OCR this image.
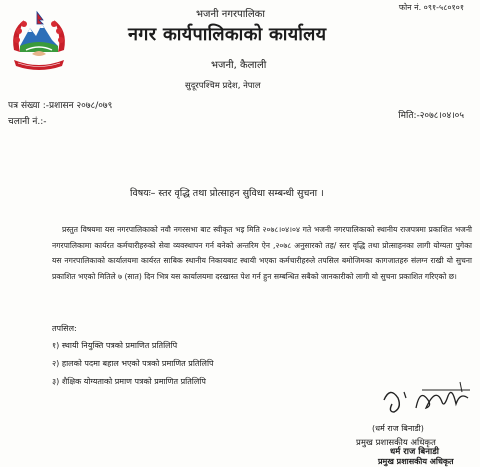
फोन नं. ०९१-५८०१०१
भजनी नगरपालिका
नगर कार्यपालिकाको कार्यालय
भजनी, कैलाली
सुदूरपश्चिम प्रदेश, नेपाल
पत्र संख्या :-प्रशासन २०७८/०७९
चलानी नं.:-
मिति:-२०७८।०४।०५
विषयः– स्तर वृद्धि तथा प्रोत्साहन सुविधा सम्बन्धी सुचना ।
प्रस्तुत विषयमा यस नगरपालिकाको नवौ नगरसभा बाट स्वीकृत भइ मिति २०७८।०४।०४ गते भजनी नगरपालिकाको स्थानीय राजपत्रमा प्रकाशित भजनी नगरपालिकामा कार्यरत कर्मचारीहरुको सेवा व्यवस्थापन गर्न बनेको अन्तरिम ऐन ,२०७८ अनुसारको तह/ स्तर वृद्धि तथा प्रोत्साहनका लागी योग्यता पुगेका यस नगरपालिकाको कार्यालयमा कार्यरत साबिक स्थानीय निकायबाट स्थायी भएका कर्मचारीहरुले तपसिल बमोजिमका कागजातहरु संलग्न राखी यो सुचना प्रकाशित भएको मितिले ७ (सात) दिन भित्र यस कार्यालयमा दरखास्त पेश गर्न हुन सम्बन्धित सबैको जानकारीको लागी यो सुचना प्रकाशित गरिएको छ।
तपसिल:
१) स्थायी नियुक्ति पत्रको प्रमाणित प्रतिलिपि
२) हालको पदमा बहाल भएको पत्रको प्रमाणित प्रतिलिपि
३) शैक्षिक योग्यताको प्रमाण पत्रको प्रमाणित प्रतिलिपि
(धर्म राज बिनाडी)
प्रमुख प्रशासकीय अधिकृत
धर्म राज बिनाडी
प्रमुख प्रशासकीय अधिकृत
